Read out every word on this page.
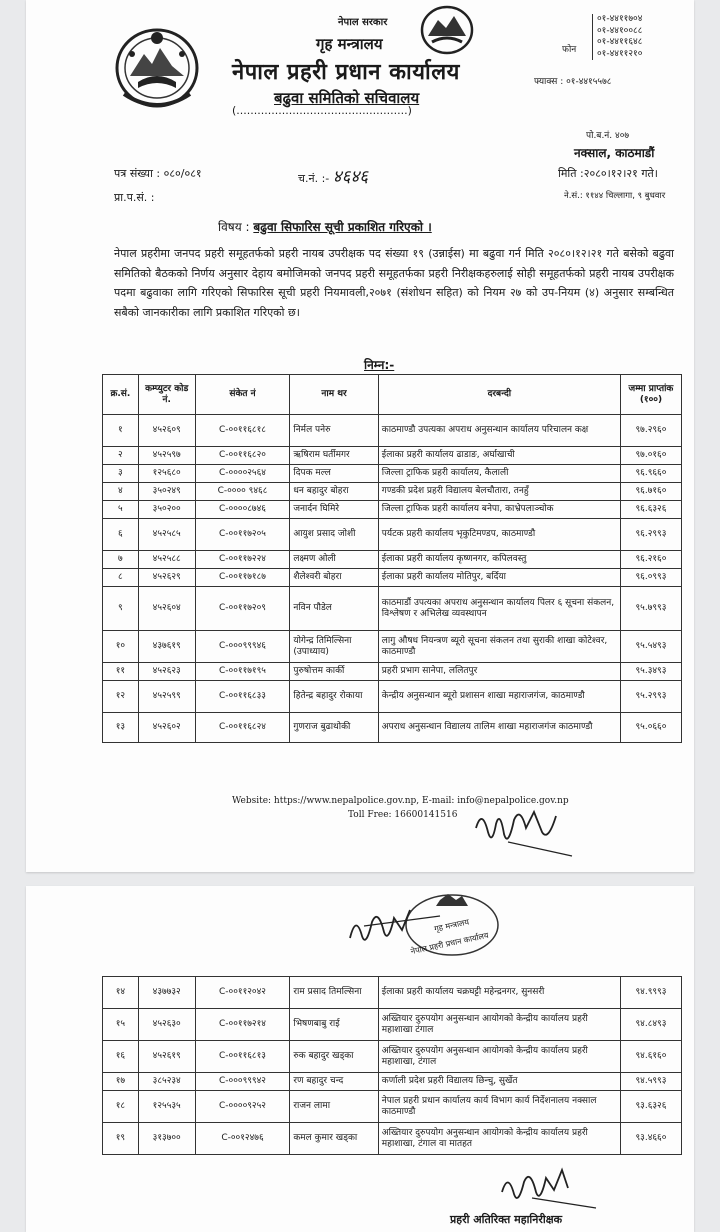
नेपाल सरकार
गृह मन्त्रालय
नेपाल प्रहरी प्रधान कार्यालय
बढुवा समितिको सचिवालय
(.................................................)
फोन
०१-४४११७०४
०१-४४१००८८
०१-४४११६४८
०१-४४११२१०
फ्याक्स : ०१-४४१५५७८
पो.ब.नं. ४०७
नक्साल, काठमाडौं
पत्र संख्या : ०८०/०८१	च.नं. :- ४६४६	मिति :२०८०।१२।२१ गते।
प्रा.प.सं. :	ने.सं.: ११४४ चिल्लागा, ९ बुधवार
विषय : बढुवा सिफारिस सूची प्रकाशित गरिएको ।
नेपाल प्रहरीमा जनपद प्रहरी समूहतर्फको प्रहरी नायब उपरीक्षक पद संख्या १९ (उन्नाईस) मा बढुवा गर्न मिति २०८०।१२।२१ गते बसेको बढुवा समितिको बैठकको निर्णय अनुसार देहाय बमोजिमको जनपद प्रहरी समूहतर्फका प्रहरी निरीक्षकहरुलाई सोही समूहतर्फको प्रहरी नायब उपरीक्षक पदमा बढुवाका लागि गरिएको सिफारिस सूची प्रहरी नियमावली,२०७१ (संशोधन सहित) को नियम २७ को उप-नियम (४) अनुसार सम्बन्धित सबैको जानकारीका लागि प्रकाशित गरिएको छ।
निम्न:-
क्र.सं.	कम्प्युटर कोड नं.	संकेत नं	नाम थर	दरबन्दी	जम्मा प्राप्तांक (१००)
१	४५२६०९	C-००११६८१८	निर्मल पनेरु	काठमाण्डौ उपत्यका अपराध अनुसन्धान कार्यालय परिचालन कक्ष	९७.२९६०
२	४५२५९७	C-००११६८२०	ऋषिराम घर्तीमगर	ईलाका प्रहरी कार्यालय ढाडाङ, अर्घाखाची	९७.०१६०
३	१२५६८०	C-००००२५६४	दिपक मल्ल	जिल्ला ट्राफिक प्रहरी कार्यालय, कैलाली	९६.९६६०
४	३५०२४९	C-०००० ९४६८	धन बहादुर बोहरा	गण्डकी प्रदेश प्रहरी विद्यालय बेलचौतारा, तनहुँ	९६.७१६०
५	३५०२००	C-००००८७४६	जनार्दन घिमिरे	जिल्ला ट्राफिक प्रहरी कार्यालय बनेपा, काभ्रेपलाञ्चोक	९६.६३२६
६	४५२५८५	C-००११७२०५	आयुश प्रसाद जोशी	पर्यटक प्रहरी कार्यालय भृकुटिमण्डप, काठमाण्डौ	९६.२९९३
७	४५२५८८	C-००११७२२४	लक्ष्मण ओली	ईलाका प्रहरी कार्यालय कृष्णनगर, कपिलवस्तु	९६.२१६०
८	४५२६२९	C-००११७१८७	शैलेश्वरी बोहरा	ईलाका प्रहरी कार्यालय मोतिपुर, बर्दिया	९६.०९९३
९	४५२६०४	C-००११७२०९	नविन पौडेल	काठमाडौं उपत्यका अपराध अनुसन्धान कार्यालय पिलर ६ सूचना संकलन, विश्लेषण र अभिलेख व्यवस्थापन	९५.७९९३
१०	४३७६१९	C-०००९९९४६	योगेन्द्र तिमिल्सिना (उपाध्याय)	लागु औषध नियन्त्रण ब्यूरो सूचना संकलन तथा सुराकी शाखा कोटेश्वर, काठमाण्डौ	९५.५४९३
११	४५२६२३	C-००११७१९५	पुरुषोत्तम कार्की	प्रहरी प्रभाग सानेपा, ललितपुर	९५.३४९३
१२	४५२५९९	C-००११६८३३	हितेन्द्र बहादुर रोकाया	केन्द्रीय अनुसन्धान ब्यूरो प्रशासन शाखा महाराजगंज, काठमाण्डौ	९५.२९९३
१३	४५२६०२	C-००११६८२४	गुणराज बुढाथोकी	अपराध अनुसन्धान विद्यालय तालिम शाखा महाराजगंज काठमाण्डौ	९५.०६६०
Website: https://www.nepalpolice.gov.np, E-mail: info@nepalpolice.gov.np
Toll Free: 16600141516
गृह मन्त्रालय
नेपाल प्रहरी प्रधान कार्यालय
१४	४३७७३२	C-००११२०४२	राम प्रसाद तिमल्सिना	ईलाका प्रहरी कार्यालय चक्रघट्टी महेन्द्रनगर, सुनसरी	९४.९९९३
१५	४५२६३०	C-००११७२१४	भिषणबाबु राई	अख्तियार दुरुपयोग अनुसन्धान आयोगको केन्द्रीय कार्यालय प्रहरी महाशाखा टंगाल	९४.८४९३
१६	४५२६१९	C-००११६८१३	रुक बहादुर खड्का	अख्तियार दुरुपयोग अनुसन्धान आयोगको केन्द्रीय कार्यालय प्रहरी महाशाखा, टंगाल	९४.६१६०
१७	३८५२३४	C-०००९९९४२	रण बहादुर चन्द	कर्णाली प्रदेश प्रहरी विद्यालय छिन्चु, सुर्खेत	९४.५९९३
१८	१२५५३५	C-००००९२५२	राजन लामा	नेपाल प्रहरी प्रधान कार्यालय कार्य विभाग कार्य निर्देशनालय नक्साल काठमाण्डौ	९३.६३२६
१९	३१३७००	C-००१२४७६	कमल कुमार खड्का	अख्तियार दुरुपयोग अनुसन्धान आयोगको केन्द्रीय कार्यालय प्रहरी महाशाखा, टंगाल वा मातहत	९३.४६६०
प्रहरी अतिरिक्त महानिरीक्षक
